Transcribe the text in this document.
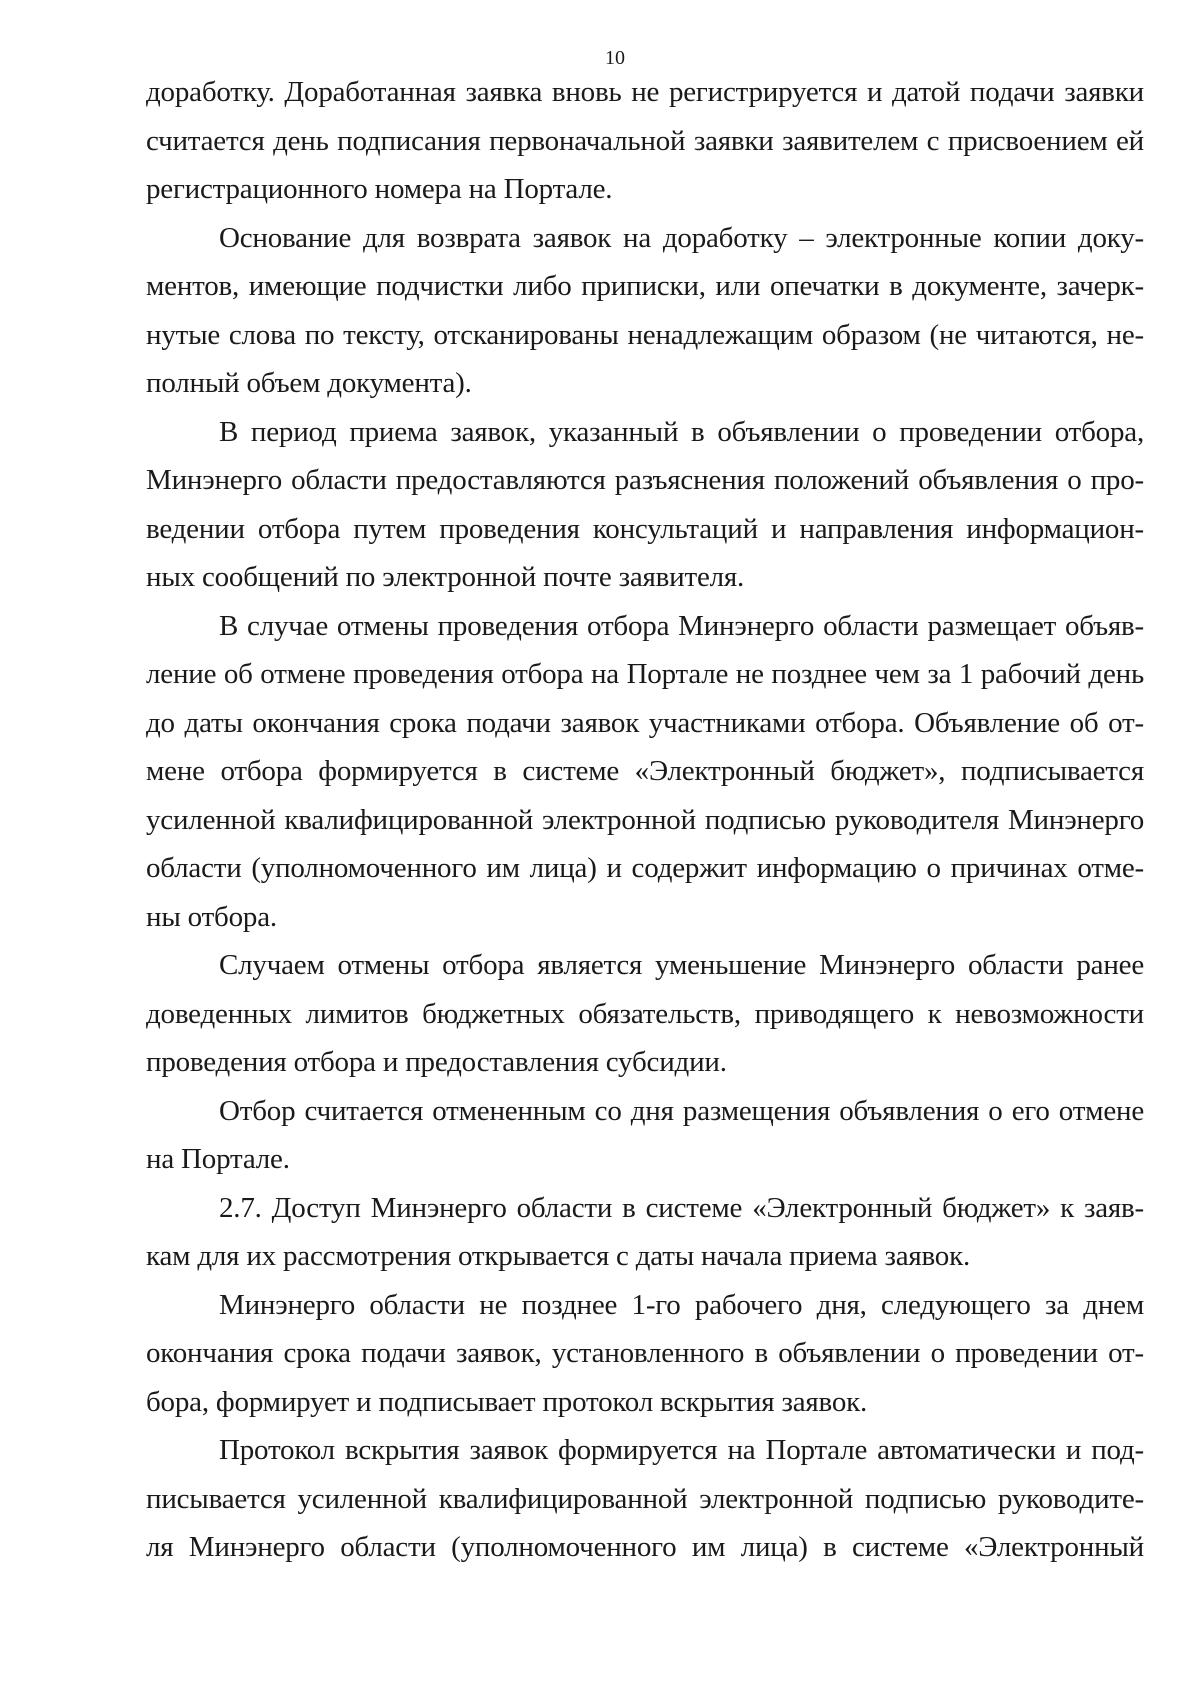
10
доработку. Доработанная заявка вновь не регистрируется и датой подачи заявки
считается день подписания первоначальной заявки заявителем с присвоением ей
регистрационного номера на Портале.
Основание для возврата заявок на доработку – электронные копии доку-
ментов, имеющие подчистки либо приписки, или опечатки в документе, зачерк-
нутые слова по тексту, отсканированы ненадлежащим образом (не читаются, не-
полный объем документа).
В период приема заявок, указанный в объявлении о проведении отбора,
Минэнерго области предоставляются разъяснения положений объявления о про-
ведении отбора путем проведения консультаций и направления информацион-
ных сообщений по электронной почте заявителя.
В случае отмены проведения отбора Минэнерго области размещает объяв-
ление об отмене проведения отбора на Портале не позднее чем за 1 рабочий день
до даты окончания срока подачи заявок участниками отбора. Объявление об от-
мене отбора формируется в системе «Электронный бюджет», подписывается
усиленной квалифицированной электронной подписью руководителя Минэнерго
области (уполномоченного им лица) и содержит информацию о причинах отме-
ны отбора.
Случаем отмены отбора является уменьшение Минэнерго области ранее
доведенных лимитов бюджетных обязательств, приводящего к невозможности
проведения отбора и предоставления субсидии.
Отбор считается отмененным со дня размещения объявления о его отмене
на Портале.
2.7. Доступ Минэнерго области в системе «Электронный бюджет» к заяв-
кам для их рассмотрения открывается с даты начала приема заявок.
Минэнерго области не позднее 1-го рабочего дня, следующего за днем
окончания срока подачи заявок, установленного в объявлении о проведении от-
бора, формирует и подписывает протокол вскрытия заявок.
Протокол вскрытия заявок формируется на Портале автоматически и под-
писывается усиленной квалифицированной электронной подписью руководите-
ля Минэнерго области (уполномоченного им лица) в системе «Электронный
